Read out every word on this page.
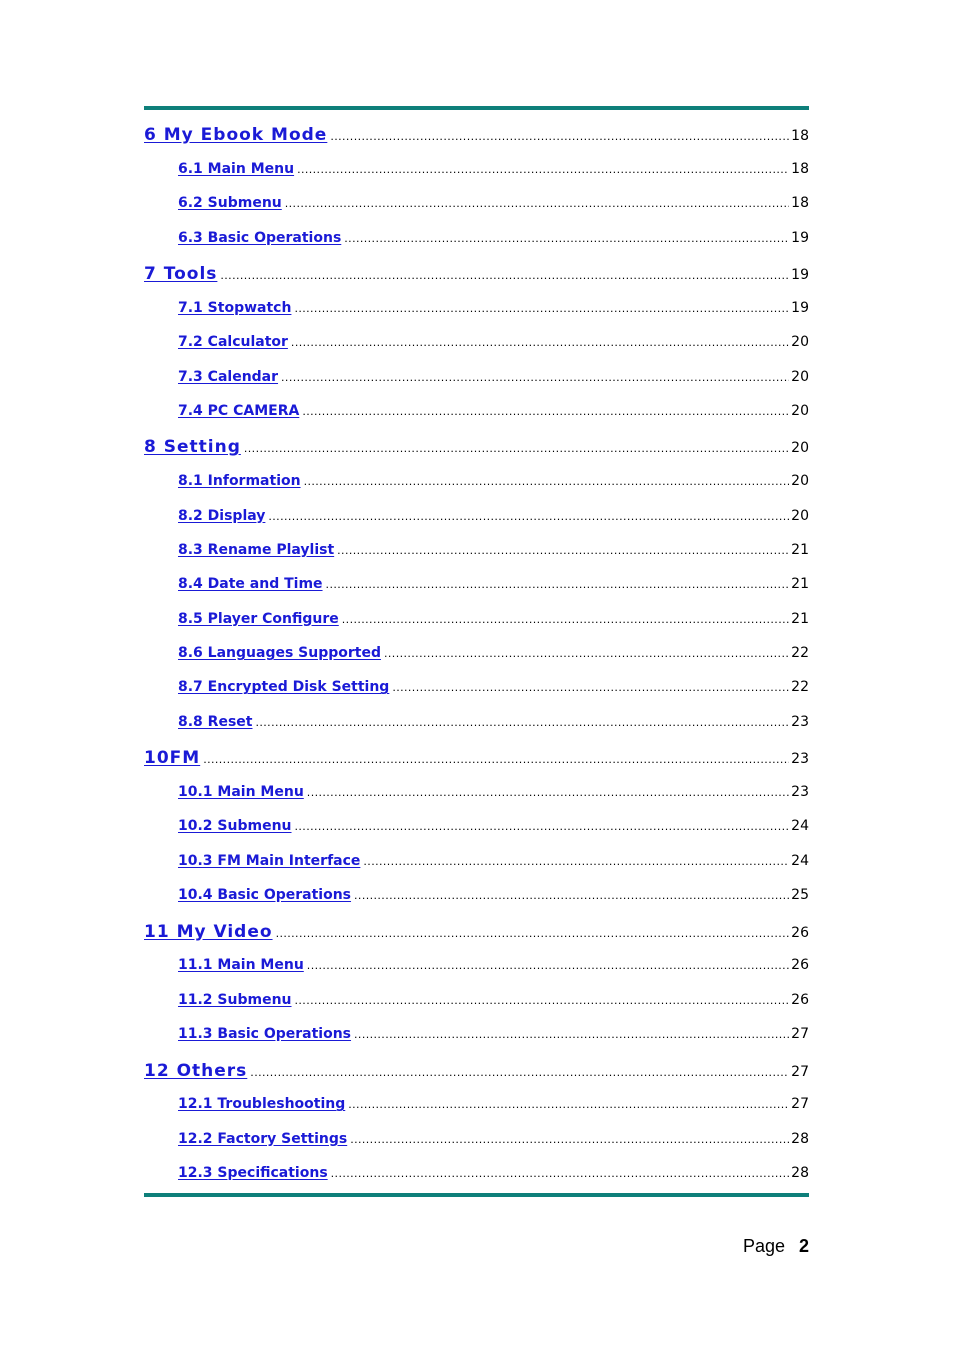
6 My Ebook Mode .....	18
6.1 Main Menu .....	18
6.2 Submenu .....	18
6.3 Basic Operations .....	19
7 Tools .....	19
7.1 Stopwatch .....	19
7.2 Calculator .....	20
7.3 Calendar .....	20
7.4 PC CAMERA .....	20
8 Setting .....	20
8.1 Information .....	20
8.2 Display .....	20
8.3 Rename Playlist .....	21
8.4 Date and Time .....	21
8.5 Player Configure .....	21
8.6 Languages Supported .....	22
8.7 Encrypted Disk Setting .....	22
8.8 Reset .....	23
10FM .....	23
10.1 Main Menu .....	23
10.2 Submenu .....	24
10.3 FM Main Interface .....	24
10.4 Basic Operations .....	25
11 My Video .....	26
11.1 Main Menu .....	26
11.2 Submenu .....	26
11.3 Basic Operations .....	27
12 Others .....	27
12.1 Troubleshooting .....	27
12.2 Factory Settings .....	28
12.3 Specifications .....	28
Page 2
